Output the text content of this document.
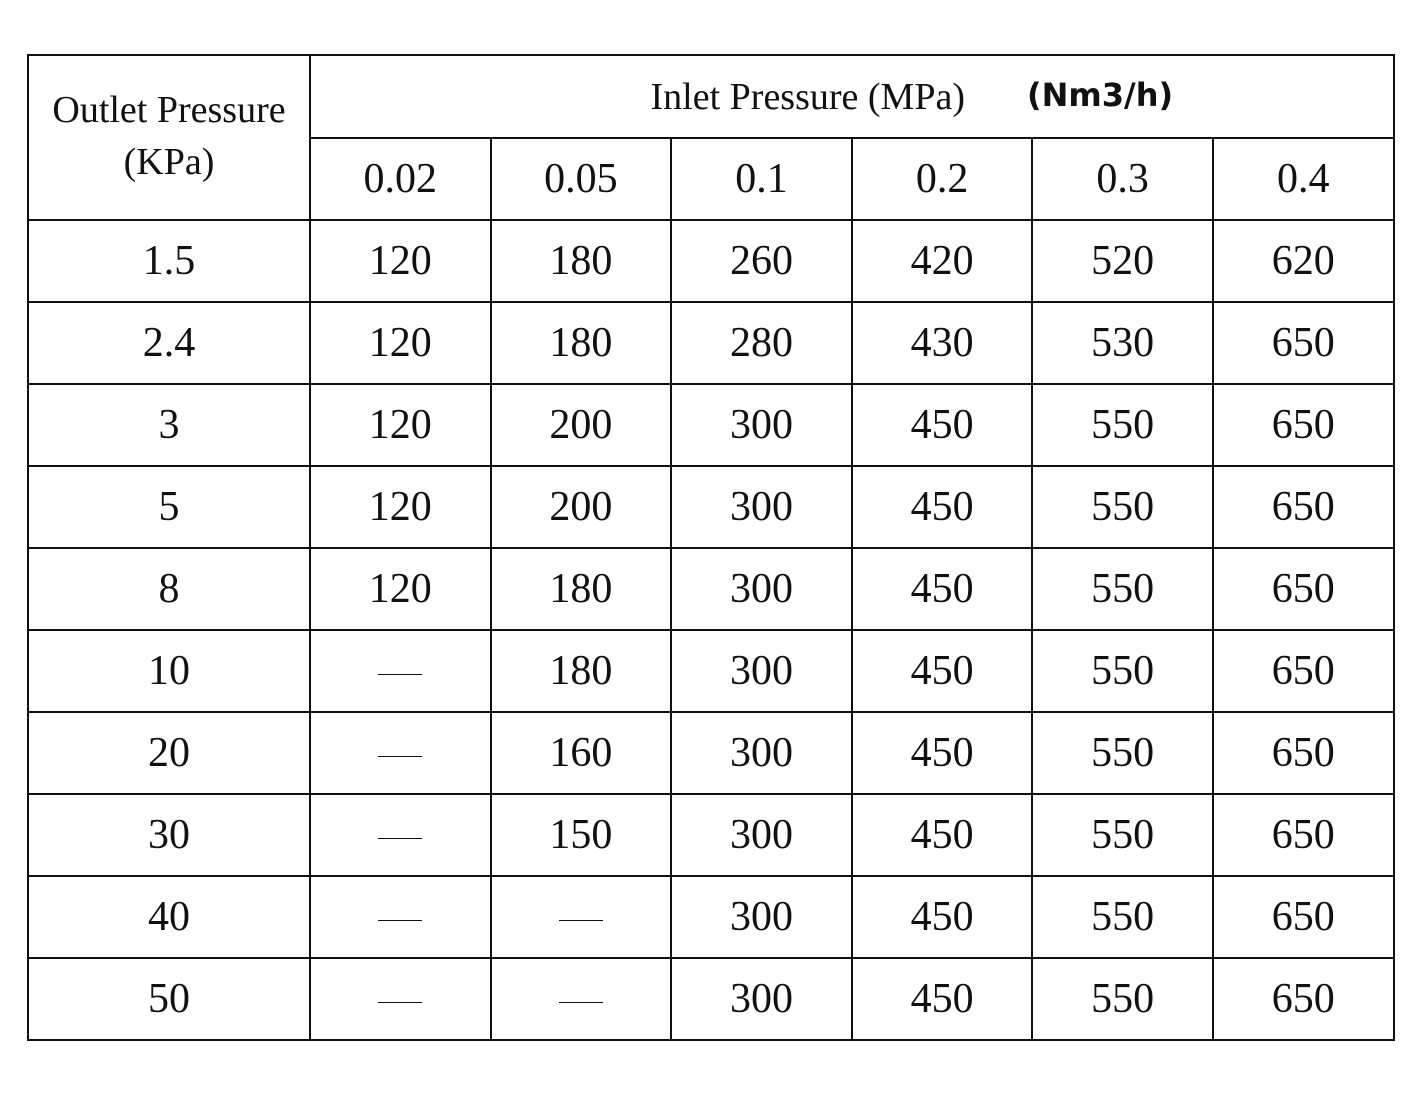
Outlet Pressure
(KPa)	Inlet Pressure (MPa) (Nm3/h)					
	0.02	0.05	0.1	0.2	0.3	0.4
1.5	120	180	260	420	520	620
2.4	120	180	280	430	530	650
3	120	200	300	450	550	650
5	120	200	300	450	550	650
8	120	180	300	450	550	650
10		180	300	450	550	650
20		160	300	450	550	650
30		150	300	450	550	650
40			300	450	550	650
50			300	450	550	650
